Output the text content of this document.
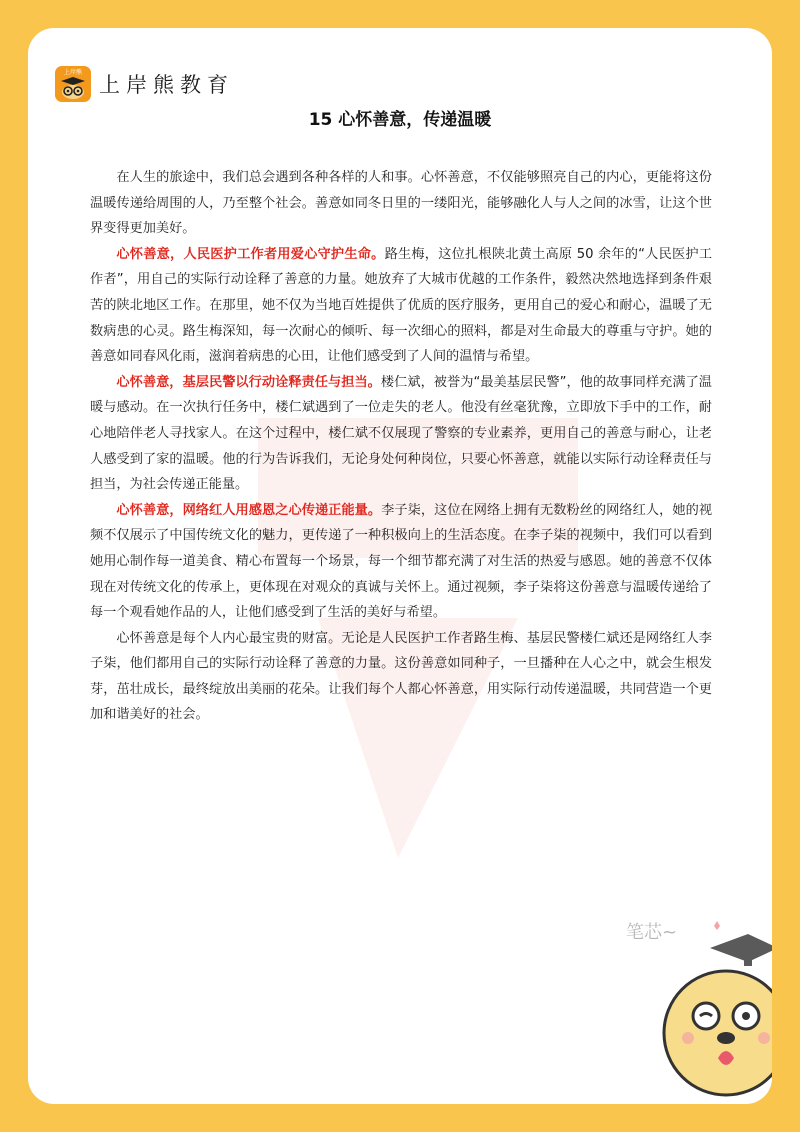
上岸熊
上岸熊教育
15 心怀善意，传递温暖

在人生的旅途中，我们总会遇到各种各样的人和事。心怀善意，不仅能够照亮自己的内心，更能将这份温暖传递给周围的人，乃至整个社会。善意如同冬日里的一缕阳光，能够融化人与人之间的冰雪，让这个世界变得更加美好。

心怀善意，人民医护工作者用爱心守护生命。路生梅，这位扎根陕北黄土高原 50 余年的“人民医护工作者”，用自己的实际行动诠释了善意的力量。她放弃了大城市优越的工作条件，毅然决然地选择到条件艰苦的陕北地区工作。在那里，她不仅为当地百姓提供了优质的医疗服务，更用自己的爱心和耐心，温暖了无数病患的心灵。路生梅深知，每一次耐心的倾听、每一次细心的照料，都是对生命最大的尊重与守护。她的善意如同春风化雨，滋润着病患的心田，让他们感受到了人间的温情与希望。

心怀善意，基层民警以行动诠释责任与担当。楼仁斌，被誉为“最美基层民警”，他的故事同样充满了温暖与感动。在一次执行任务中，楼仁斌遇到了一位走失的老人。他没有丝毫犹豫，立即放下手中的工作，耐心地陪伴老人寻找家人。在这个过程中，楼仁斌不仅展现了警察的专业素养，更用自己的善意与耐心，让老人感受到了家的温暖。他的行为告诉我们，无论身处何种岗位，只要心怀善意，就能以实际行动诠释责任与担当，为社会传递正能量。

心怀善意，网络红人用感恩之心传递正能量。李子柒，这位在网络上拥有无数粉丝的网络红人，她的视频不仅展示了中国传统文化的魅力，更传递了一种积极向上的生活态度。在李子柒的视频中，我们可以看到她用心制作每一道美食、精心布置每一个场景，每一个细节都充满了对生活的热爱与感恩。她的善意不仅体现在对传统文化的传承上，更体现在对观众的真诚与关怀上。通过视频，李子柒将这份善意与温暖传递给了每一个观看她作品的人，让他们感受到了生活的美好与希望。

心怀善意是每个人内心最宝贵的财富。无论是人民医护工作者路生梅、基层民警楼仁斌还是网络红人李子柒，他们都用自己的实际行动诠释了善意的力量。这份善意如同种子，一旦播种在人心之中，就会生根发芽，茁壮成长，最终绽放出美丽的花朵。让我们每个人都心怀善意，用实际行动传递温暖，共同营造一个更加和谐美好的社会。

笔芯~
